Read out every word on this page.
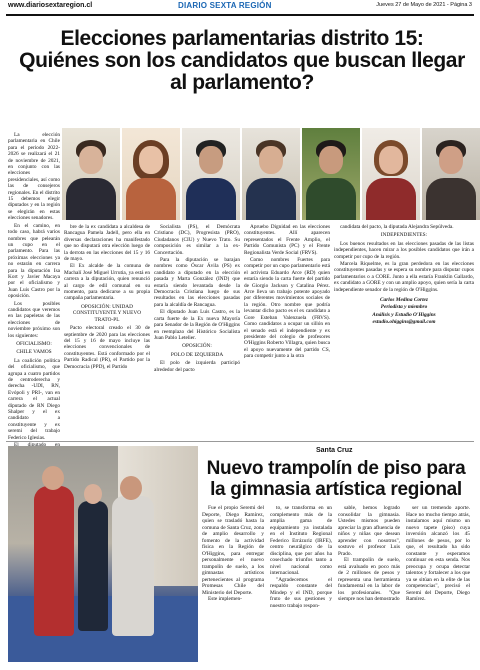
www.diariosextaregion.cl	DIARIO SEXTA REGIÓN	Jueves 27 de Mayo de 2021 - Página 3
Elecciones parlamentarias distrito 15: Quiénes son los candidatos que buscan llegar al parlamento?

La elección parlamentaria en Chile para el periodo 2022-2026 se realizará el 21 de noviembre de 2021, en conjunto con las elecciones presidenciales, así como las de consejeros regionales. En el distrito 15 debemos elegir diputados y en la región se elegirán en estas elecciones senadores.

En el camino, en todo caso, habrá varios nombres que pelearán un cupo en el parlamento. Para las próximas elecciones ya no estarán en carrera para la diputación Isa Kort y Javier Macaya por el oficialismo y Juan Luis Castro por la oposición.

Los posibles candidatos que veremos en las papeletas de las elecciones de noviembre próximo son los siguientes:

OFICIALISMO:

CHILE VAMOS

La coalición política del oficialismo, que agrupa a cuatro partidos de centroderecha y derecha -UDI, RN, Evópoli y PRI-, van en carrera el actual diputado de RN Diego Shalper y el ex candidato a constituyente y ex seremi del trabajo Federico Iglesias.

bre de la ex candidata a alcaldesa de Rancagua Pamela Jadell, pero ella en diversas declaraciones ha manifestado que no disputará otra elección luego de la derrota en las elecciones del 15 y 16 de mayo.

El Ex alcalde de la comuna de Machalí José Miguel Urrutia, ya está en carrera a la diputación, quien renunció al cargo de edil comunal en su momento, para dedicarse a su propia campaña parlamentaria.

OPOSICIÓN: UNIDAD CONSTITUYENTE Y NUEVO TRATO-PL

Pacto electoral creado el 30 de septiembre de 2020 para las elecciones del 15 y 16 de mayo incluye las elecciones convencionales de constituyentes. Está conformado por el Partido Radical (PR), el Partido por la Democracia (PPD), el Partido

Socialista (PS), el Demócrata Cristiano (DC), Progresista (PRO), Ciudadanos (CIU) y Nuevo Trato. Su composición es similar a la ex-Concertación.

Para la diputación se barajan nombres como Óscar Ávila (PS) ex candidato a diputado en la elección pasada y Marta González (IND) que estaría siendo levantada desde la Democracia Cristiana luego de sus resultados en las elecciones pasadas para la alcaldía de Rancagua.

El diputado Juan Luis Castro, es la carta fuerte de la Ex nueva Mayoría para Senador de la Región de O'Higgins en reemplazo del Histórico Socialista Juan Pablo Letelier.

OPOSICIÓN:

POLO DE IZQUIERDA

El polo de izquierda participó alrededor del pacto

Apruebo Dignidad en las elecciones constituyentes. Allí aparecen representados el Frente Amplio, el Partido Comunista (PC) y el Frente Regionalista Verde Social (FRVS).

Como nombres Fuertes para competir por un cupo parlamentario está el activista Eduardo Arce (RD) quien estaría siendo la carta fuerte del partido de Giorgio Jackson y Catalina Pérez. Arce lleva un trabajo potente apoyado por diferentes movimientos sociales de la región. Otro nombre que podría levantar dicho pacto es el ex candidato a Gore Esteban Valenzuela (FRVS). Como candidatos a ocupar un sillón en el senado está el independiente y ex presidente del colegio de profesores O'Higgins Roberto Villagra, quien busca el apoyo nuevamente del partido CS, para competir junto a la otra

candidata del pacto, la diputada Alejandra Sepúlveda.

INDEPENDIENTES:

Los buenos resultados en las elecciones pasadas de las listas independientes, hacen mirar a los posibles candidatos que irán a competir por cupo de la región.

Marcela Riquelme, es la gran perdedora en las elecciones constituyentes pasadas y se espera su nombre para disputar cupos parlamentarios o a CORE. Junto a ella estaría Franklin Gallardo, ex candidato a GORE y con un amplio apoyo, quien sería la carta independiente senador de la región de O'Higgins.

Carlos Medina Cortez

Periodista y miembro

Análisis y Estudio O'Higgins

estudio.ohiggins@gmail.com

Santa Cruz
Nuevo trampolín de piso para la gimnasia artística regional

Fue el propio Seremi del Deporte, Diego Ramírez, quien se trasladó hasta la comuna de Santa Cruz, zona de amplio desarrollo y fomento de la actividad física en la Región de O'Higgins, para entregar personalmente el nuevo trampolín de suelo, a los gimnastas artísticos pertenecientes al programa Promesas Chile del Ministerio del Deporte.

Este implemen-

to, se transforma en un complemento más de la amplia gama de equipamiento ya instalada en el Instituto Regional Federico Errázuriz (IRFE), centro neurálgico de la disciplina, que por años ha cosechado triunfos tanto a nivel nacional como internacional.

"Agradecemos el respaldo constante del Mindep y el IND, porque fruto de sus gestiones y nuestro trabajo respon-

sable, hemos logrado consolidar la gimnasia. Ustedes mismos pueden apreciar la gran afluencia de niños y niñas que desean aprender con nosotros", sostuvo el profesor Luis Prado.

El trampolín de suelo, está avaluado en poco más de 2 millones de pesos y representa una herramienta fundamental en la labor de los profesionales. "Que siempre nos han demostrado

ser un tremendo aporte. Hace no mucho tiempo atrás, instalamos aquí mismo un nuevo tapete (piso) cuya inversión alcanzó los 45 millones de pesos, por lo que, el resultado ha sido constante y esperamos continuar en esta senda. Nos preocupa y ocupa detectar talentos y fortalecer a los que ya se sitúan en la elite de las competencias", precisó el Seremi del Deporte, Diego Ramírez.
